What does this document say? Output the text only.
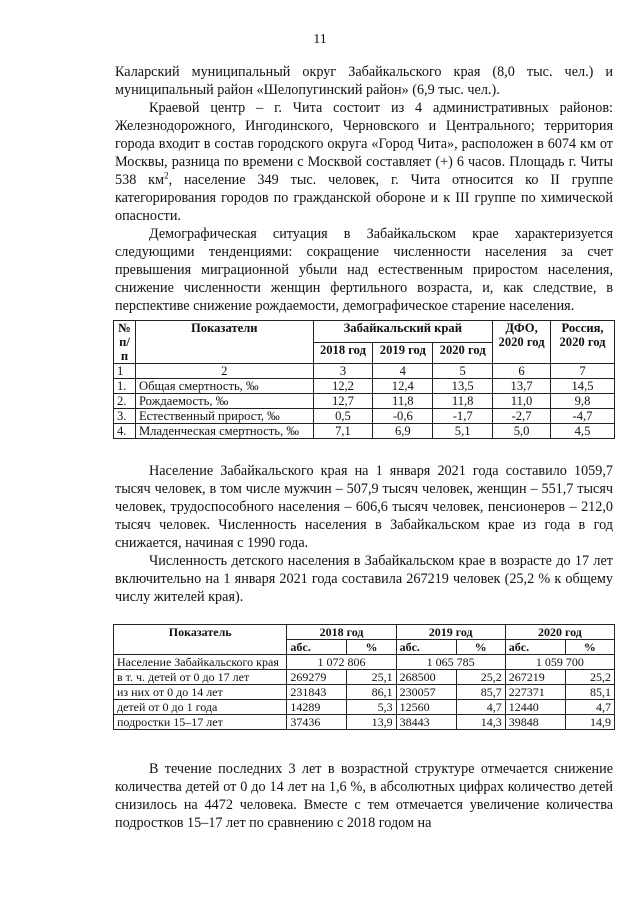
11

Каларский муниципальный округ Забайкальского края (8,0 тыс. чел.) и муниципальный район «Шелопугинский район» (6,9 тыс. чел.).

Краевой центр – г. Чита состоит из 4 административных районов: Железнодорожного, Ингодинского, Черновского и Центрального; территория города входит в состав городского округа «Город Чита», расположен в 6074 км от Москвы, разница по времени с Москвой составляет (+) 6 часов. Площадь г. Читы 538 $км^2$, население 349 тыс. человек, г. Чита относится ко II группе категорирования городов по гражданской обороне и к III группе по химической опасности.

Демографическая ситуация в Забайкальском крае характеризуется следующими тенденциями: сокращение численности населения за счет превышения миграционной убыли над естественным приростом населения, снижение численности женщин фертильного возраста, и, как следствие, в перспективе снижение рождаемости, демографическое старение населения.

№ п/п	Показатели	Забайкальский край			ДФО, 2020 год	Россия, 2020 год
		2018 год	2019 год	2020 год		
1	2	3	4	5	6	7
1.	Общая смертность, ‰	12,2	12,4	13,5	13,7	14,5
2.	Рождаемость, ‰	12,7	11,8	11,8	11,0	9,8
3.	Естественный прирост, ‰	0,5	-0,6	-1,7	-2,7	-4,7
4.	Младенческая смертность, ‰	7,1	6,9	5,1	5,0	4,5

Население Забайкальского края на 1 января 2021 года составило 1059,7 тысяч человек, в том числе мужчин – 507,9 тысяч человек, женщин – 551,7 тысяч человек, трудоспособного населения – 606,6 тысяч человек, пенсионеров – 212,0 тысяч человек. Численность населения в Забайкальском крае из года в год снижается, начиная с 1990 года.

Численность детского населения в Забайкальском крае в возрасте до 17 лет включительно на 1 января 2021 года составила 267219 человек (25,2 % к общему числу жителей края).

Показатель	2018 год		2019 год		2020 год	
	абс.	%	абс.	%	абс.	%
Население Забайкальского края	1 072 806		1 065 785		1 059 700	
в т. ч. детей от 0 до 17 лет	269279	25,1	268500	25,2	267219	25,2
из них от 0 до 14 лет	231843	86,1	230057	85,7	227371	85,1
детей от 0 до 1 года	14289	5,3	12560	4,7	12440	4,7
подростки 15–17 лет	37436	13,9	38443	14,3	39848	14,9

В течение последних 3 лет в возрастной структуре отмечается снижение количества детей от 0 до 14 лет на 1,6 %, в абсолютных цифрах количество детей снизилось на 4472 человека. Вместе с тем отмечается увеличение количества подростков 15–17 лет по сравнению с 2018 годом на
